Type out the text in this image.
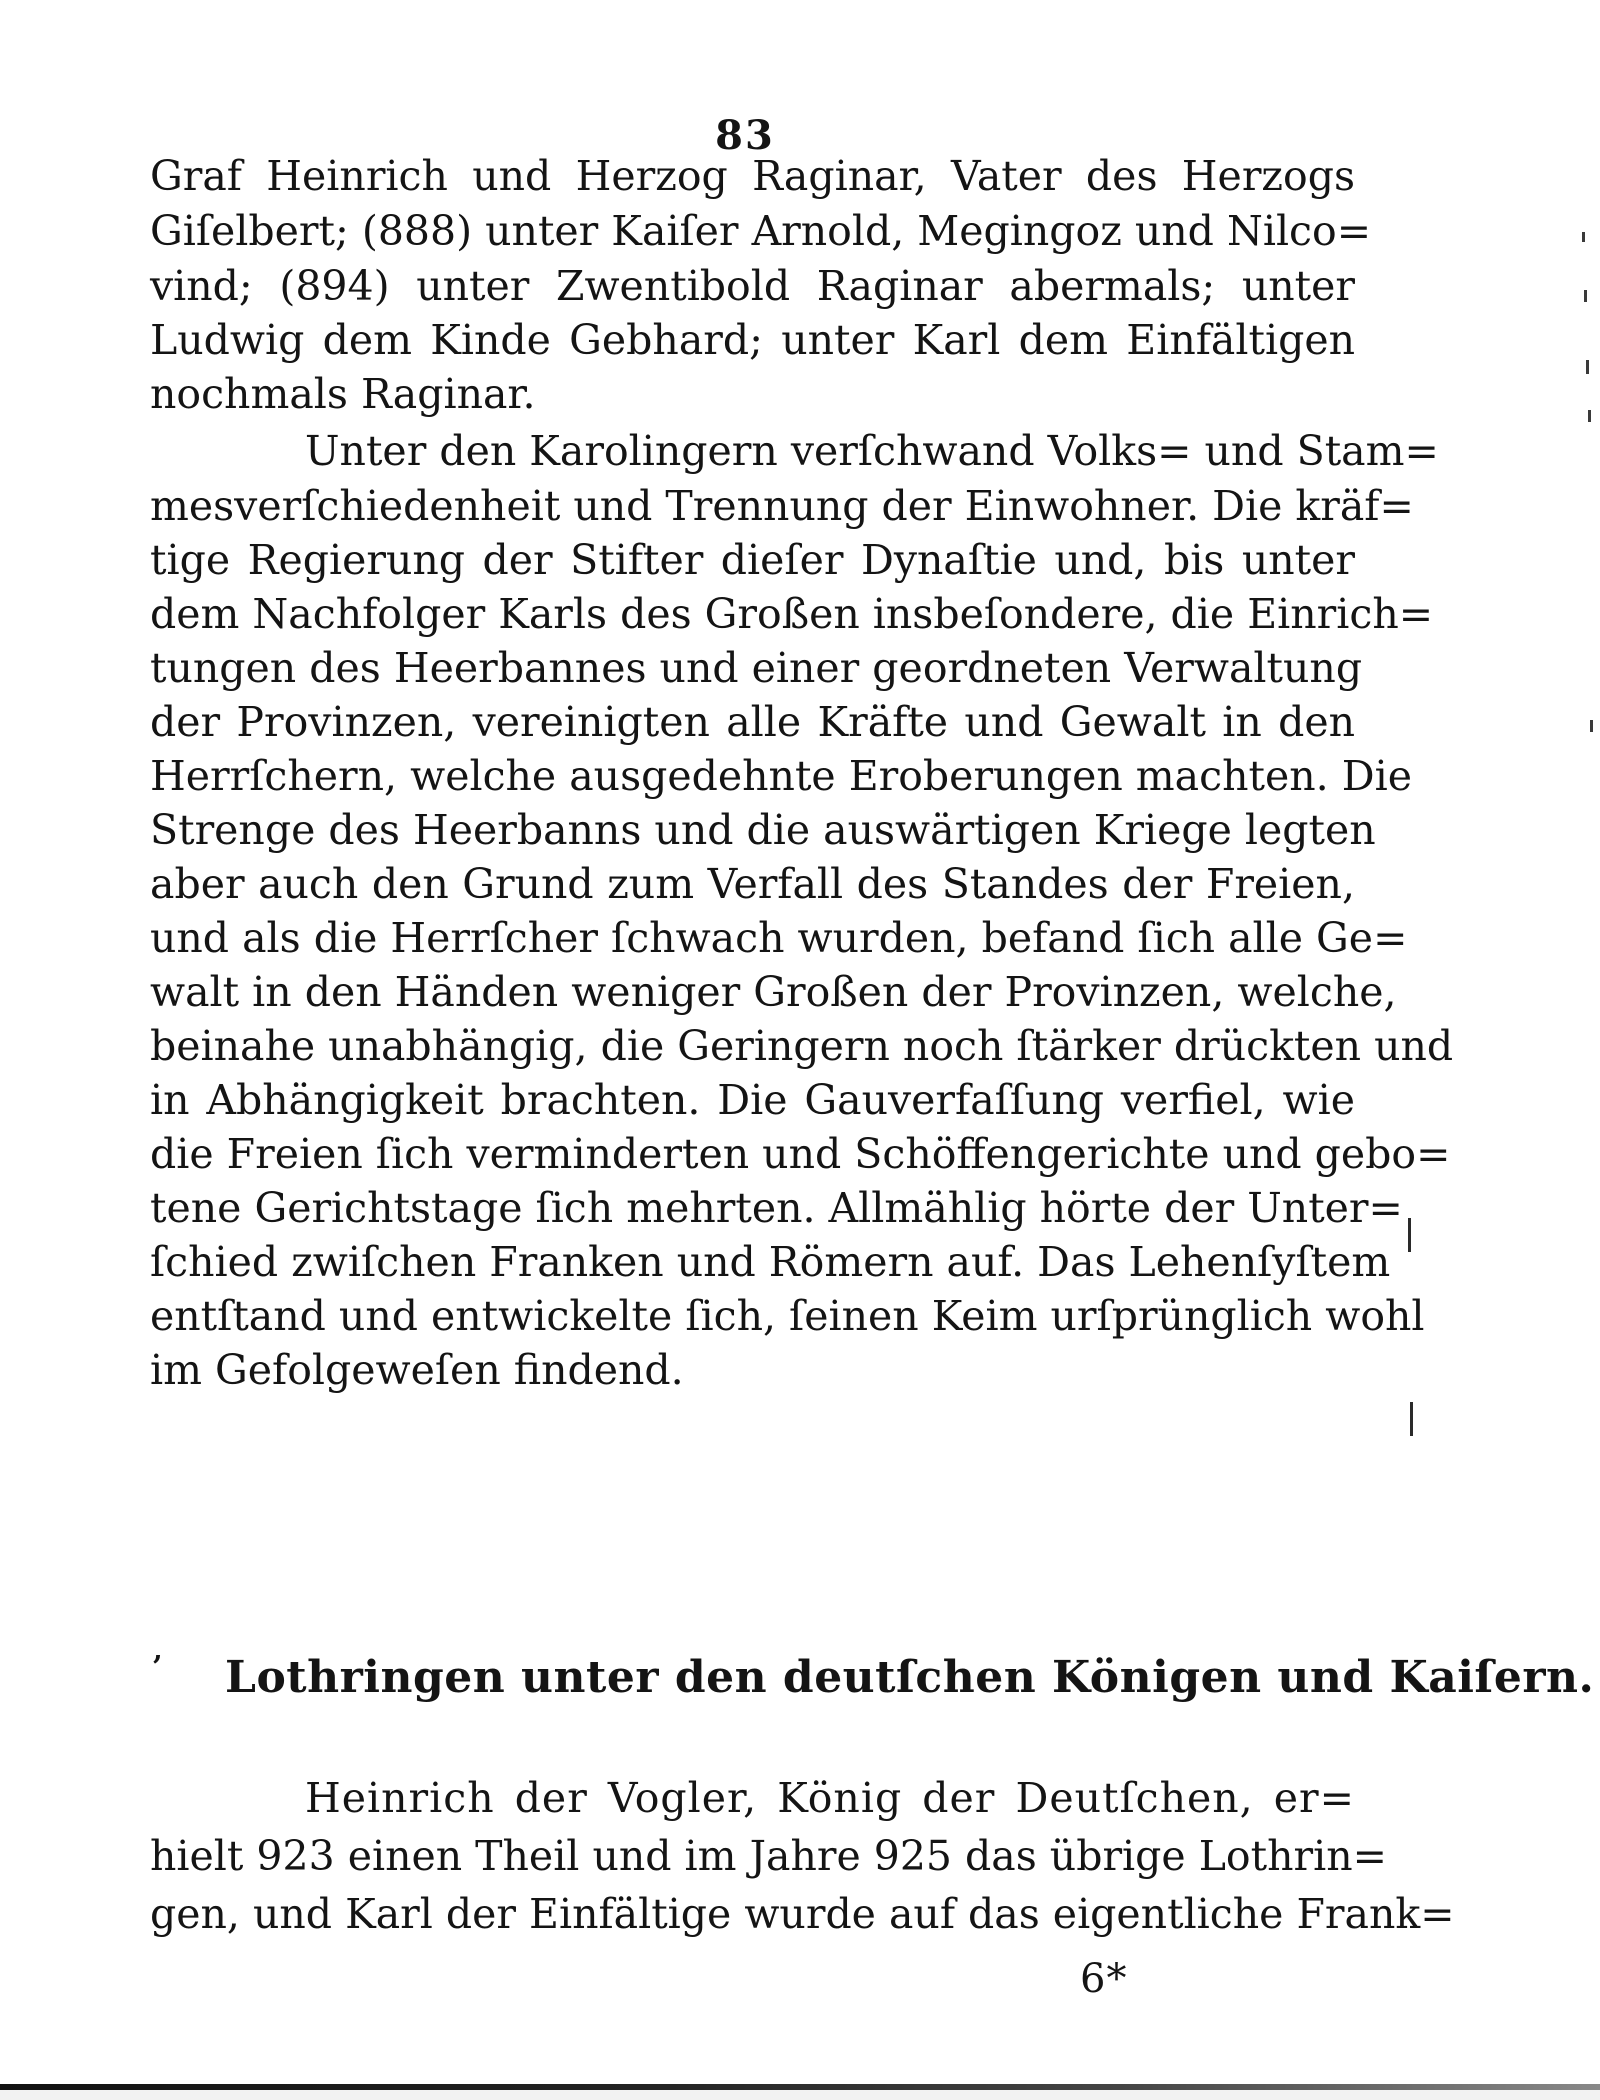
83
Graf Heinrich und Herzog Raginar, Vater des Herzogs
Giſelbert; (888) unter Kaiſer Arnold, Megingoz und Nilco=
vind; (894) unter Zwentibold Raginar abermals; unter
Ludwig dem Kinde Gebhard; unter Karl dem Einfältigen
nochmals Raginar.
Unter den Karolingern verſchwand Volks= und Stam=
mesverſchiedenheit und Trennung der Einwohner. Die kräf=
tige Regierung der Stifter dieſer Dynaſtie und, bis unter
dem Nachfolger Karls des Großen insbeſondere, die Einrich=
tungen des Heerbannes und einer geordneten Verwaltung
der Provinzen, vereinigten alle Kräfte und Gewalt in den
Herrſchern, welche ausgedehnte Eroberungen machten. Die
Strenge des Heerbanns und die auswärtigen Kriege legten
aber auch den Grund zum Verfall des Standes der Freien,
und als die Herrſcher ſchwach wurden, befand ſich alle Ge=
walt in den Händen weniger Großen der Provinzen, welche,
beinahe unabhängig, die Geringern noch ſtärker drückten und
in Abhängigkeit brachten. Die Gauverfaſſung verfiel, wie
die Freien ſich verminderten und Schöffengerichte und gebo=
tene Gerichtstage ſich mehrten. Allmählig hörte der Unter=
ſchied zwiſchen Franken und Römern auf. Das Lehenſyſtem
entſtand und entwickelte ſich, ſeinen Keim urſprünglich wohl
im Gefolgeweſen findend.
’ Lothringen unter den deutſchen Königen und Kaiſern.
Heinrich der Vogler, König der Deutſchen, er=
hielt 923 einen Theil und im Jahre 925 das übrige Lothrin=
gen, und Karl der Einfältige wurde auf das eigentliche Frank=
6*
